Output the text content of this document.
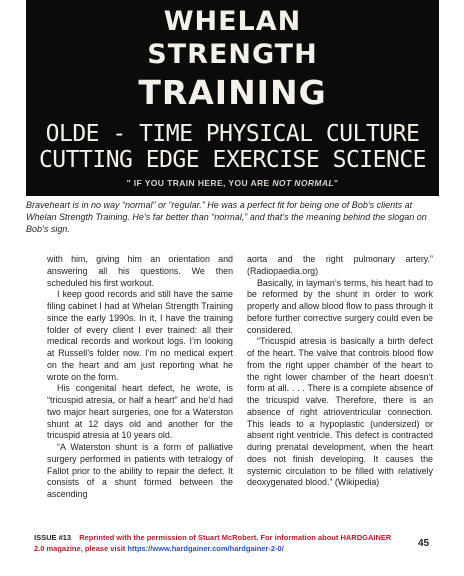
WHELAN

STRENGTH

TRAINING

OLDE - TIME PHYSICAL CULTURE

CUTTING EDGE EXERCISE SCIENCE

" IF YOU TRAIN HERE, YOU ARE NOT NORMAL"

Braveheart is in no way “normal” or “regular.” He was a perfect fit for being one of Bob’s clients at Whelan Strength Training. He’s far better than “normal,” and that’s the meaning behind the slogan on Bob’s sign.

with him, giving him an orientation and answering all his questions. We then scheduled his first workout.

I keep good records and still have the same filing cabinet I had at Whelan Strength Training since the early 1990s. In it, I have the training folder of every client I ever trained: all their medical records and workout logs. I’m looking at Russell’s folder now. I’m no medical expert on the heart and am just reporting what he wrote on the form.

His congenital heart defect, he wrote, is “tricuspid atresia, or half a heart” and he’d had two major heart surgeries, one for a Waterston shunt at 12 days old and another for the tricuspid atresia at 10 years old.

“A Waterston shunt is a form of palliative surgery performed in patients with tetralogy of Fallot prior to the ability to repair the defect. It consists of a shunt formed between the ascending

aorta and the right pulmonary artery.” (Radiopaedia.org)

Basically, in layman’s terms, his heart had to be reformed by the shunt in order to work properly and allow blood flow to pass through it before further corrective surgery could even be considered.

“Tricuspid atresia is basically a birth defect of the heart. The valve that controls blood flow from the right upper chamber of the heart to the right lower chamber of the heart doesn’t form at all. . . . There is a complete absence of the tricuspid valve. Therefore, there is an absence of right atrioventricular connection. This leads to a hypoplastic (undersized) or absent right ventricle. This defect is contracted during prenatal development, when the heart does not finish developing. It causes the systemic circulation to be filled with relatively deoxygenated blood.” (Wikipedia)

ISSUE #13 Reprinted with the permission of Stuart McRobert. For information about HARDGAINER 2.0 magazine, please visit https://www.hardgainer.com/hardgainer-2-0/	45
